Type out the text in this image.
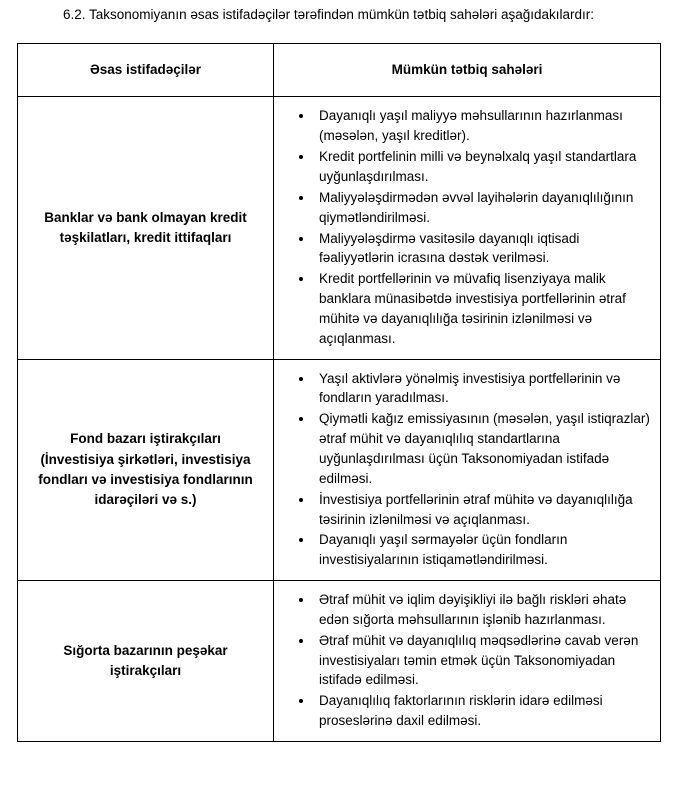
6.2. Taksonomiyanın əsas istifadəçilər tərəfindən mümkün tətbiq sahələri aşağıdakılardır:

Əsas istifadəçilər	Mümkün tətbiq sahələri
Banklar və bank olmayan kredit təşkilatları, kredit ittifaqları	
• Dayanıqlı yaşıl maliyyə məhsullarının hazırlanması (məsələn, yaşıl kreditlər).
• Kredit portfelinin milli və beynəlxalq yaşıl standartlara uyğunlaşdırılması.
• Maliyyələşdirmədən əvvəl layihələrin dayanıqlılığının qiymətləndirilməsi.
• Maliyyələşdirmə vasitəsilə dayanıqlı iqtisadi fəaliyyətlərin icrasına dəstək verilməsi.
• Kredit portfellərinin və müvafiq lisenziyaya malik banklara münasibətdə investisiya portfellərinin ətraf mühitə və dayanıqlılığa təsirinin izlənilməsi və açıqlanması.

Fond bazarı iştirakçıları (İnvestisiya şirkətləri, investisiya fondları və investisiya fondlarının idarəçiləri və s.)	
• Yaşıl aktivlərə yönəlmiş investisiya portfellərinin və fondların yaradılması.
• Qiymətli kağız emissiyasının (məsələn, yaşıl istiqrazlar) ətraf mühit və dayanıqlılıq standartlarına uyğunlaşdırılması üçün Taksonomiyadan istifadə edilməsi.
• İnvestisiya portfellərinin ətraf mühitə və dayanıqlılığa təsirinin izlənilməsi və açıqlanması.
• Dayanıqlı yaşıl sərmayələr üçün fondların investisiyalarının istiqamətləndirilməsi.

Sığorta bazarının peşəkar iştirakçıları	
• Ətraf mühit və iqlim dəyişikliyi ilə bağlı riskləri əhatə edən sığorta məhsullarının işlənib hazırlanması.
• Ətraf mühit və dayanıqlılıq məqsədlərinə cavab verən investisiyaları təmin etmək üçün Taksonomiyadan istifadə edilməsi.
• Dayanıqlılıq faktorlarının risklərin idarə edilməsi proseslərinə daxil edilməsi.
